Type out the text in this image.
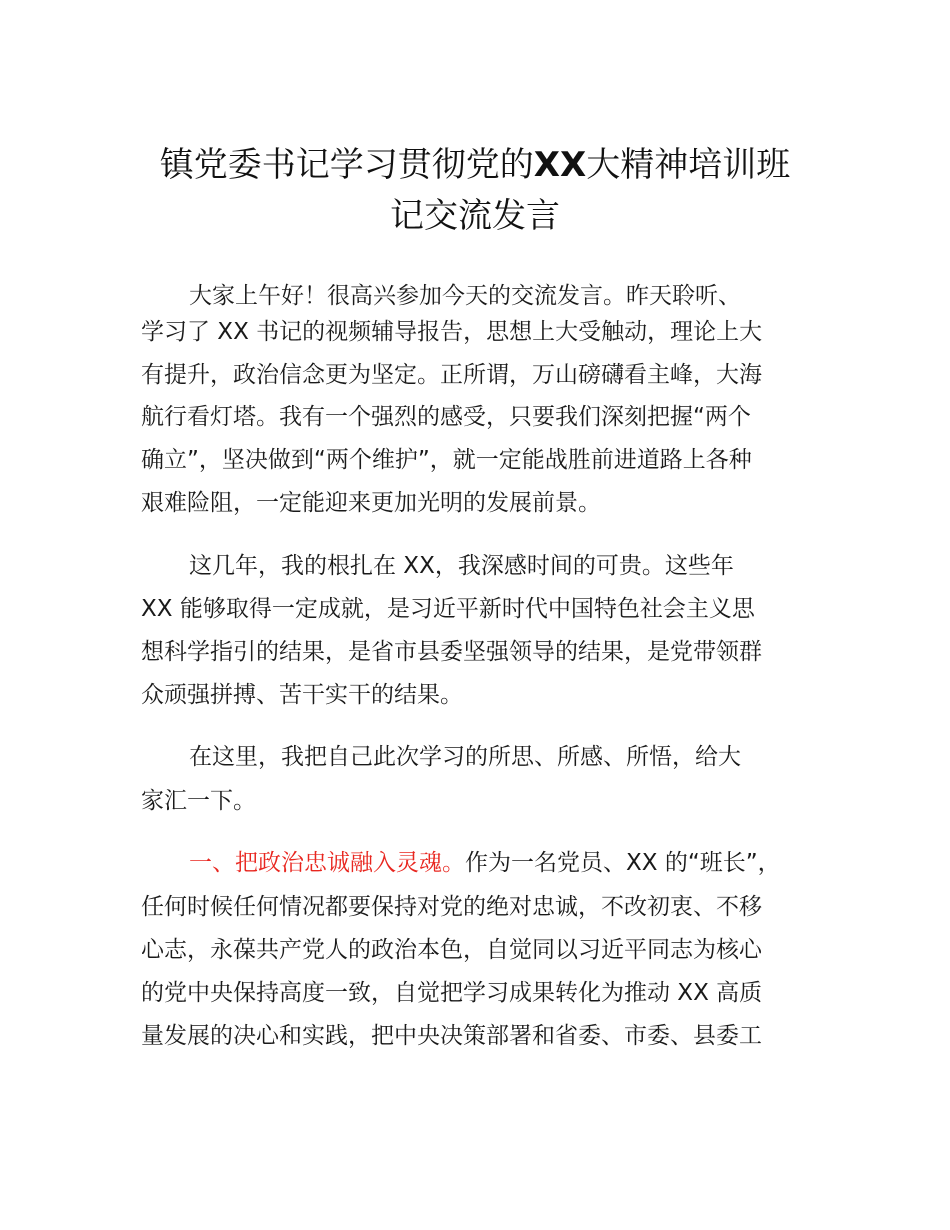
镇党委书记学习贯彻党的XX大精神培训班
记交流发言

大家上午好！很高兴参加今天的交流发言。昨天聆听、

学习了 XX 书记的视频辅导报告，思想上大受触动，理论上大

有提升，政治信念更为坚定。正所谓，万山磅礴看主峰，大海

航行看灯塔。我有一个强烈的感受，只要我们深刻把握“两个

确立”，坚决做到“两个维护”，就一定能战胜前进道路上各种

艰难险阻，一定能迎来更加光明的发展前景。

这几年，我的根扎在 XX，我深感时间的可贵。这些年

XX 能够取得一定成就，是习近平新时代中国特色社会主义思

想科学指引的结果，是省市县委坚强领导的结果，是党带领群

众顽强拼搏、苦干实干的结果。

在这里，我把自己此次学习的所思、所感、所悟，给大

家汇一下。

一、把政治忠诚融入灵魂。作为一名党员、XX 的“班长”，

任何时候任何情况都要保持对党的绝对忠诚，不改初衷、不移

心志，永葆共产党人的政治本色，自觉同以习近平同志为核心

的党中央保持高度一致，自觉把学习成果转化为推动 XX 高质

量发展的决心和实践，把中央决策部署和省委、市委、县委工
